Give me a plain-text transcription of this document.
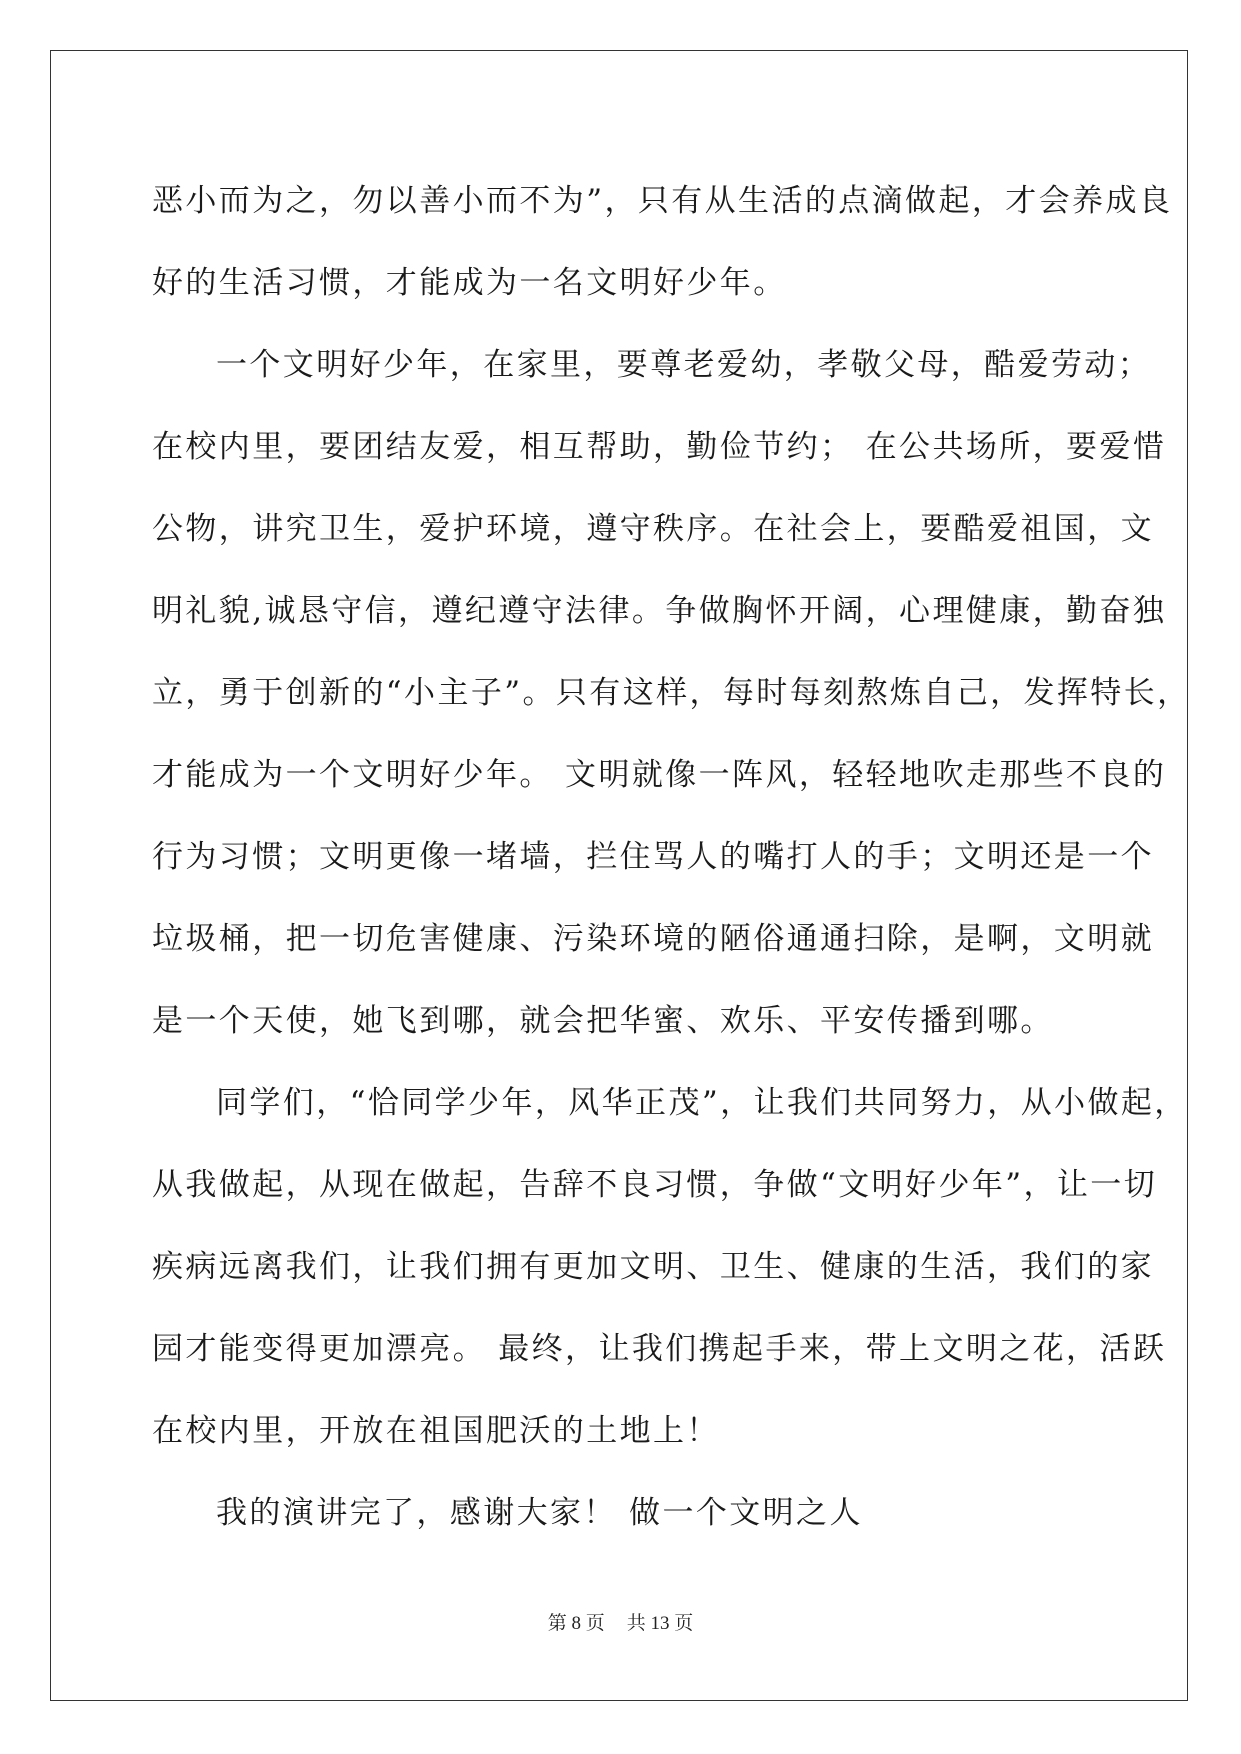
恶小而为之，勿以善小而不为”，只有从生活的点滴做起，才会养成良
好的生活习惯，才能成为一名文明好少年。
一个文明好少年，在家里，要尊老爱幼，孝敬父母，酷爱劳动；
在校内里，要团结友爱，相互帮助，勤俭节约； 在公共场所，要爱惜
公物，讲究卫生，爱护环境，遵守秩序。在社会上，要酷爱祖国，文
明礼貌,诚恳守信，遵纪遵守法律。争做胸怀开阔，心理健康，勤奋独
立，勇于创新的“小主子”。只有这样，每时每刻熬炼自己，发挥特长，
才能成为一个文明好少年。 文明就像一阵风，轻轻地吹走那些不良的
行为习惯；文明更像一堵墙，拦住骂人的嘴打人的手；文明还是一个
垃圾桶，把一切危害健康、污染环境的陋俗通通扫除，是啊，文明就
是一个天使，她飞到哪，就会把华蜜、欢乐、平安传播到哪。
同学们，“恰同学少年，风华正茂”，让我们共同努力，从小做起，
从我做起，从现在做起，告辞不良习惯，争做“文明好少年”，让一切
疾病远离我们，让我们拥有更加文明、卫生、健康的生活，我们的家
园才能变得更加漂亮。 最终，让我们携起手来，带上文明之花，活跃
在校内里，开放在祖国肥沃的土地上！
我的演讲完了，感谢大家！ 做一个文明之人
第 8 页 共 13 页
